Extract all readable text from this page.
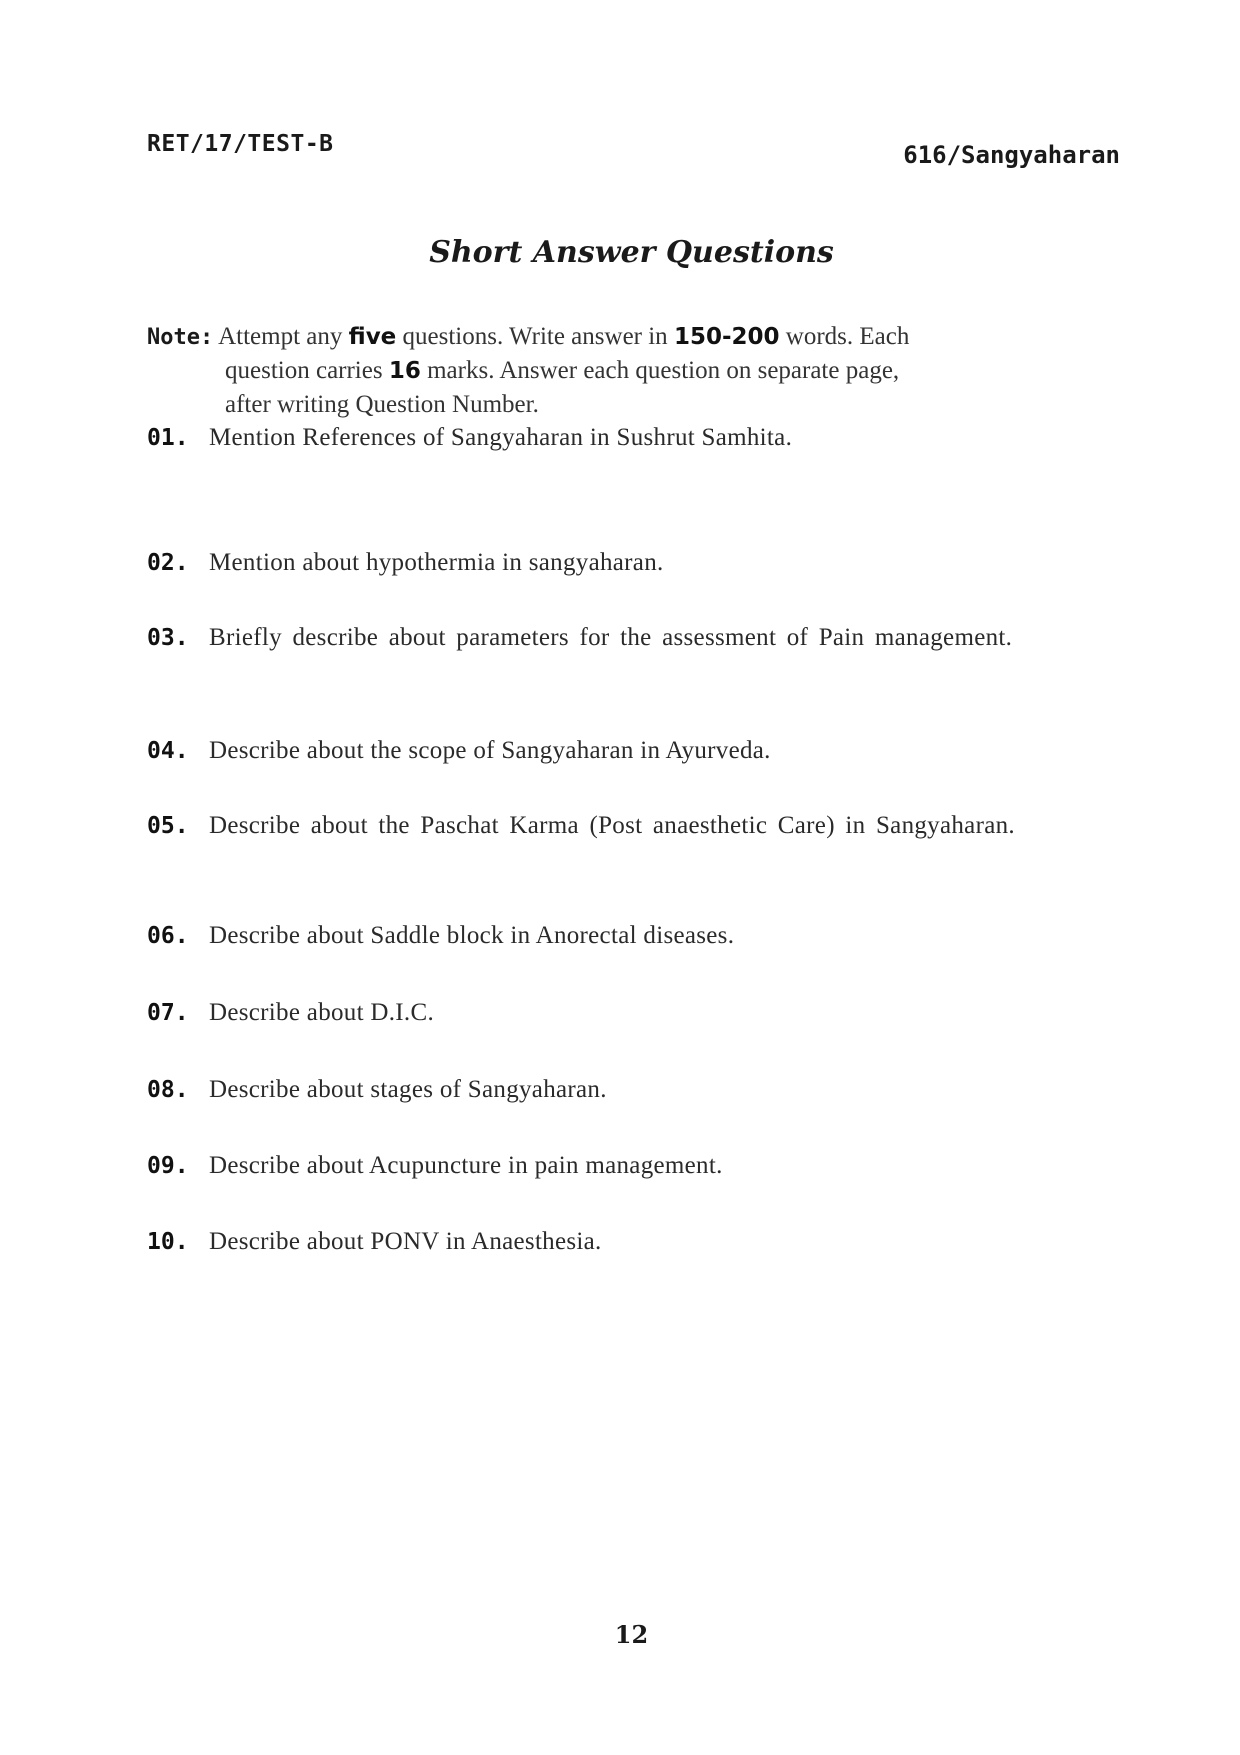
RET/17/TEST-B	616/Sangyaharan
Short Answer Questions
Note: Attempt any five questions. Write answer in 150-200 words. Each
question carries 16 marks. Answer each question on separate page,
after writing Question Number.
01. Mention References of Sangyaharan in Sushrut Samhita.
02. Mention about hypothermia in sangyaharan.
03. Briefly describe about parameters for the assessment of Pain management.
04. Describe about the scope of Sangyaharan in Ayurveda.
05. Describe about the Paschat Karma (Post anaesthetic Care) in Sangyaharan.
06. Describe about Saddle block in Anorectal diseases.
07. Describe about D.I.C.
08. Describe about stages of Sangyaharan.
09. Describe about Acupuncture in pain management.
10. Describe about PONV in Anaesthesia.
12
